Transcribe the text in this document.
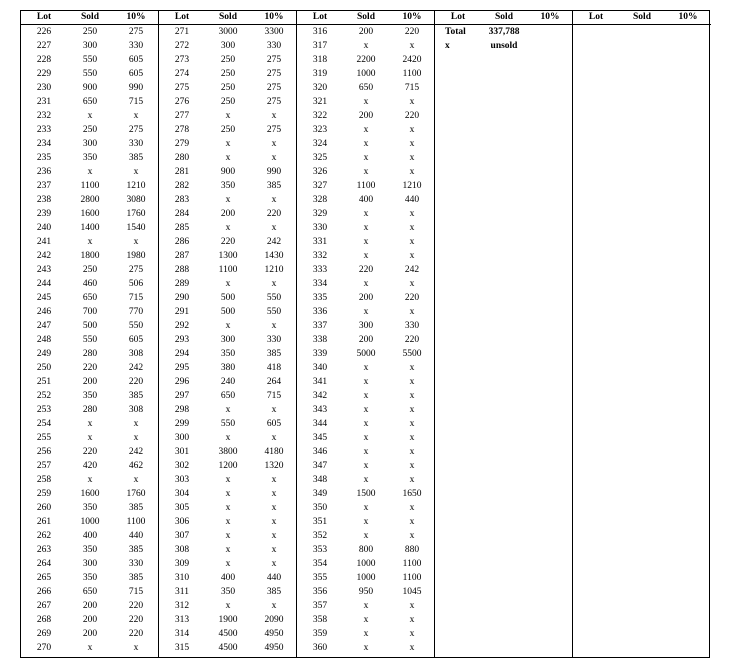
Lot	Sold	10%
226	250	275
227	300	330
228	550	605
229	550	605
230	900	990
231	650	715
232	x	x
233	250	275
234	300	330
235	350	385
236	x	x
237	1100	1210
238	2800	3080
239	1600	1760
240	1400	1540
241	x	x
242	1800	1980
243	250	275
244	460	506
245	650	715
246	700	770
247	500	550
248	550	605
249	280	308
250	220	242
251	200	220
252	350	385
253	280	308
254	x	x
255	x	x
256	220	242
257	420	462
258	x	x
259	1600	1760
260	350	385
261	1000	1100
262	400	440
263	350	385
264	300	330
265	350	385
266	650	715
267	200	220
268	200	220
269	200	220
270	x	x
Lot	Sold	10%
271	3000	3300
272	300	330
273	250	275
274	250	275
275	250	275
276	250	275
277	x	x
278	250	275
279	x	x
280	x	x
281	900	990
282	350	385
283	x	x
284	200	220
285	x	x
286	220	242
287	1300	1430
288	1100	1210
289	x	x
290	500	550
291	500	550
292	x	x
293	300	330
294	350	385
295	380	418
296	240	264
297	650	715
298	x	x
299	550	605
300	x	x
301	3800	4180
302	1200	1320
303	x	x
304	x	x
305	x	x
306	x	x
307	x	x
308	x	x
309	x	x
310	400	440
311	350	385
312	x	x
313	1900	2090
314	4500	4950
315	4500	4950
Lot	Sold	10%
316	200	220
317	x	x
318	2200	2420
319	1000	1100
320	650	715
321	x	x
322	200	220
323	x	x
324	x	x
325	x	x
326	x	x
327	1100	1210
328	400	440
329	x	x
330	x	x
331	x	x
332	x	x
333	220	242
334	x	x
335	200	220
336	x	x
337	300	330
338	200	220
339	5000	5500
340	x	x
341	x	x
342	x	x
343	x	x
344	x	x
345	x	x
346	x	x
347	x	x
348	x	x
349	1500	1650
350	x	x
351	x	x
352	x	x
353	800	880
354	1000	1100
355	1000	1100
356	950	1045
357	x	x
358	x	x
359	x	x
360	x	x
Lot	Sold	10%
Total	337,788	
x	unsold	
Lot	Sold	10%
